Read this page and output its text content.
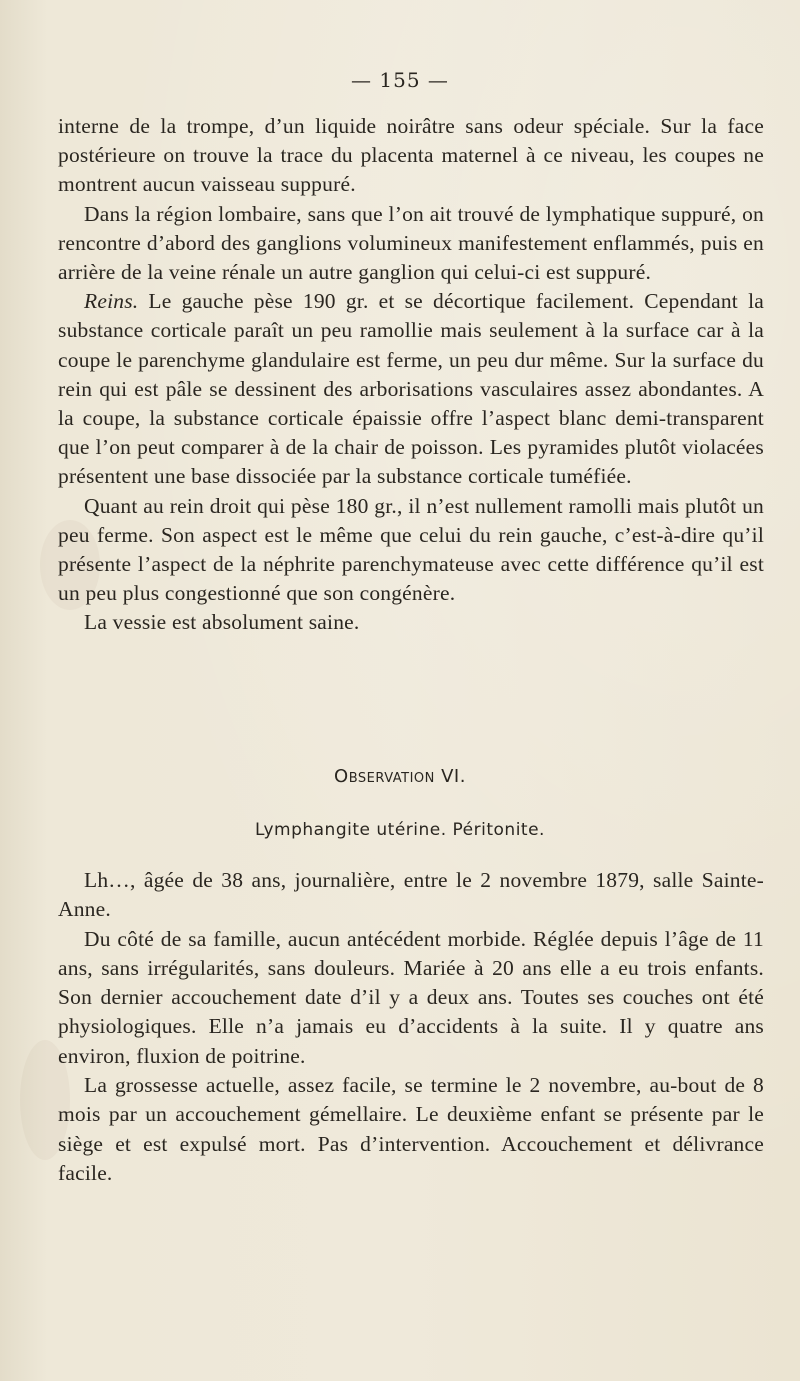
— 155 —

interne de la trompe, d’un liquide noirâtre sans odeur spéciale. Sur la face postérieure on trouve la trace du placenta maternel à ce niveau, les coupes ne montrent aucun vaisseau suppuré.

Dans la région lombaire, sans que l’on ait trouvé de lymphatique suppuré, on rencontre d’abord des ganglions volumineux manifestement enflammés, puis en arrière de la veine rénale un autre ganglion qui celui-ci est suppuré.

Reins. Le gauche pèse 190 gr. et se décortique facilement. Cependant la substance corticale paraît un peu ramollie mais seulement à la surface car à la coupe le parenchyme glandulaire est ferme, un peu dur même. Sur la surface du rein qui est pâle se dessinent des arborisations vasculaires assez abondantes. A la coupe, la substance corticale épaissie offre l’aspect blanc demi-transparent que l’on peut comparer à de la chair de poisson. Les pyramides plutôt violacées présentent une base dissociée par la substance corticale tuméfiée.

Quant au rein droit qui pèse 180 gr., il n’est nullement ramolli mais plutôt un peu ferme. Son aspect est le même que celui du rein gauche, c’est-à-dire qu’il présente l’aspect de la néphrite parenchymateuse avec cette différence qu’il est un peu plus congestionné que son congénère.

La vessie est absolument saine.

Observation VI.
Lymphangite utérine. Péritonite.

Lh…, âgée de 38 ans, journalière, entre le 2 novembre 1879, salle Sainte-Anne.

Du côté de sa famille, aucun antécédent morbide. Réglée depuis l’âge de 11 ans, sans irrégularités, sans douleurs. Mariée à 20 ans elle a eu trois enfants. Son dernier accouchement date d’il y a deux ans. Toutes ses couches ont été physiologiques. Elle n’a jamais eu d’accidents à la suite. Il y quatre ans environ, fluxion de poitrine.

La grossesse actuelle, assez facile, se termine le 2 novembre, au-bout de 8 mois par un accouchement gémellaire. Le deuxième enfant se présente par le siège et est expulsé mort. Pas d’intervention. Accouchement et délivrance facile.
